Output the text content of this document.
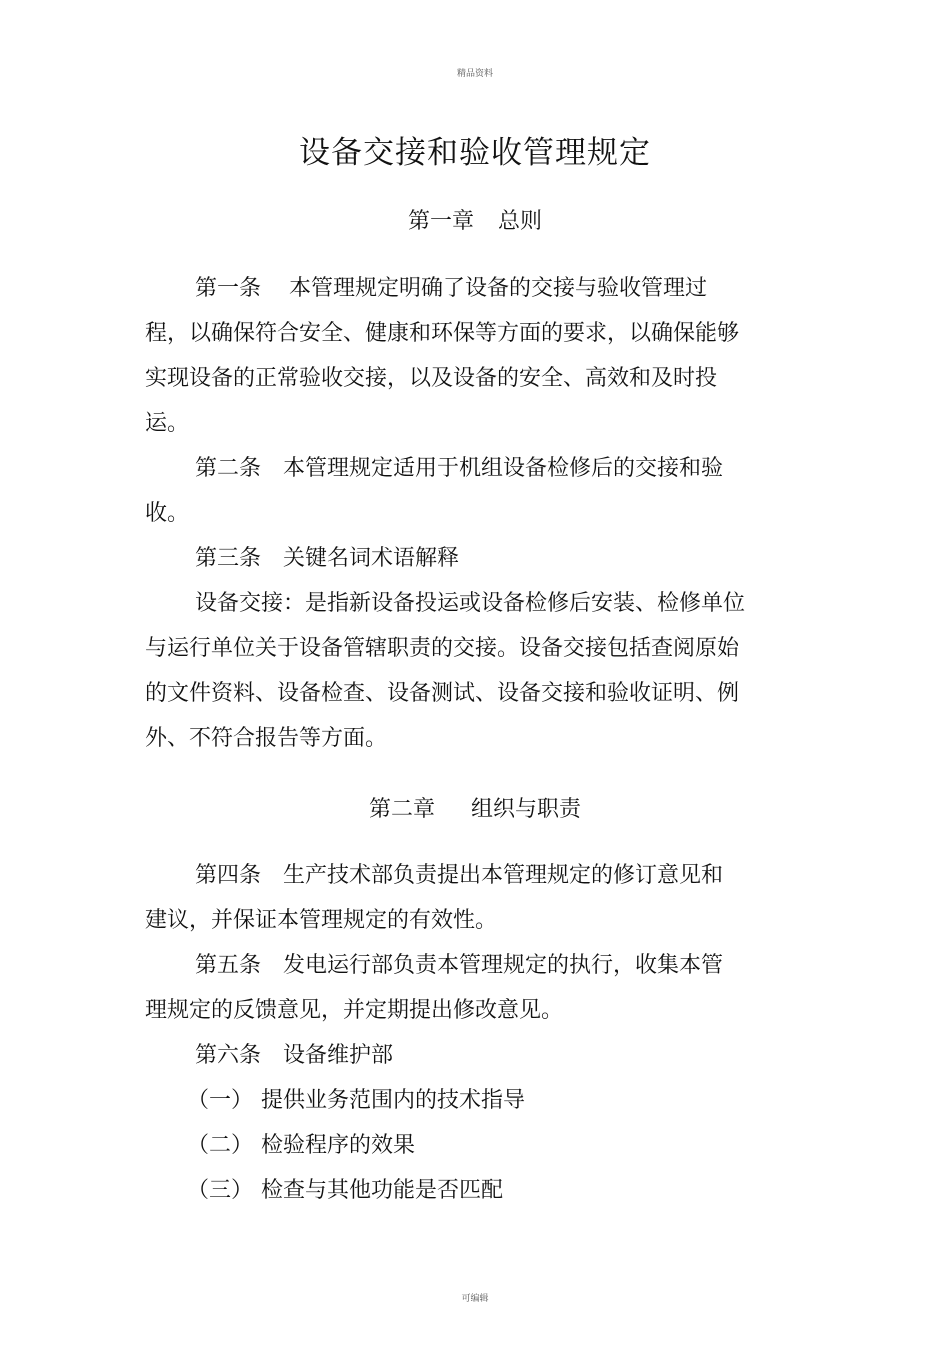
精品资料
设备交接和验收管理规定
第一章 总则

第一条 本管理规定明确了设备的交接与验收管理过程，以确保符合安全、健康和环保等方面的要求，以确保能够实现设备的正常验收交接，以及设备的安全、高效和及时投运。

第二条 本管理规定适用于机组设备检修后的交接和验收。

第三条 关键名词术语解释

设备交接：是指新设备投运或设备检修后安装、检修单位与运行单位关于设备管辖职责的交接。设备交接包括查阅原始的文件资料、设备检查、设备测试、设备交接和验收证明、例外、不符合报告等方面。

第二章 组织与职责

第四条 生产技术部负责提出本管理规定的修订意见和建议，并保证本管理规定的有效性。

第五条 发电运行部负责本管理规定的执行，收集本管理规定的反馈意见，并定期提出修改意见。

第六条 设备维护部

（一） 提供业务范围内的技术指导

（二） 检验程序的效果

（三） 检查与其他功能是否匹配

可编辑
